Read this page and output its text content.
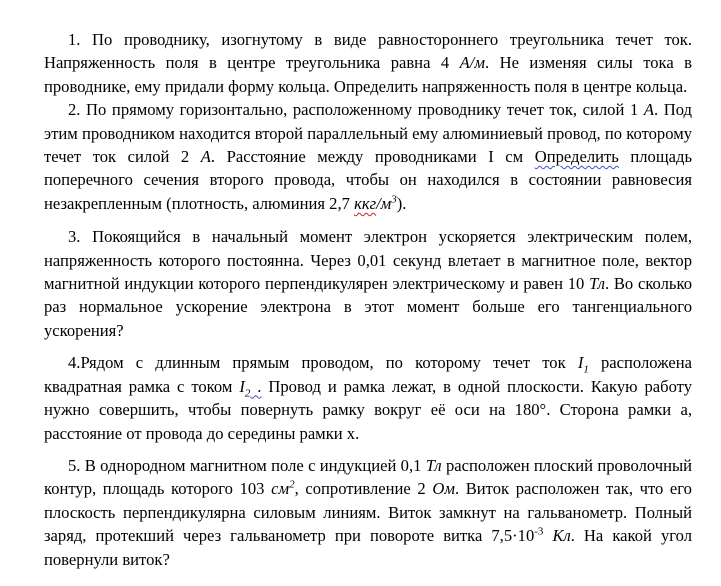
1. По проводнику, изогнутому в виде равностороннего треугольника течет ток. Напряженность поля в центре треугольника равна 4 А/м. Не изменяя силы тока в проводнике, ему придали форму кольца. Определить напряженность поля в центре кольца.

2. По прямому горизонтально, расположенному проводнику течет ток, силой 1 А. Под этим проводником находится второй параллельный ему алюминиевый провод, по которому течет ток силой 2 А. Расстояние между проводниками I см Определить площадь поперечного сечения второго провода, чтобы он находился в состоянии равновесия незакрепленным (плотность, алюминия 2,7 ккг/$м^3$).

3. Покоящийся в начальный момент электрон ускоряется электрическим полем, напряженность которого постоянна. Через 0,01 секунд влетает в магнитное поле, вектор магнитной индукции которого перпендикулярен электрическому и равен 10 Тл. Во сколько раз нормальное ускорение электрона в этот момент больше его тангенциального ускорения?

4.Рядом с длинным прямым проводом, по которому течет ток $I_1$ расположена квадратная рамка с током $I_2$ . Провод и рамка лежат, в одной плоскости. Какую работу нужно совершить, чтобы повернуть рамку вокруг её оси на 180°. Сторона рамки а, расстояние от провода до середины рамки х.

5. В однородном магнитном поле с индукцией 0,1 Тл расположен плоский проволочный контур, площадь которого 103 $см^2$, сопротивление 2 Ом. Виток расположен так, что его плоскость перпендикулярна силовым линиям. Виток замкнут на гальванометр. Полный заряд, протекший через гальванометр при повороте витка $7,5\cdot 10^{-3}$ Кл. На какой угол повернули виток?
